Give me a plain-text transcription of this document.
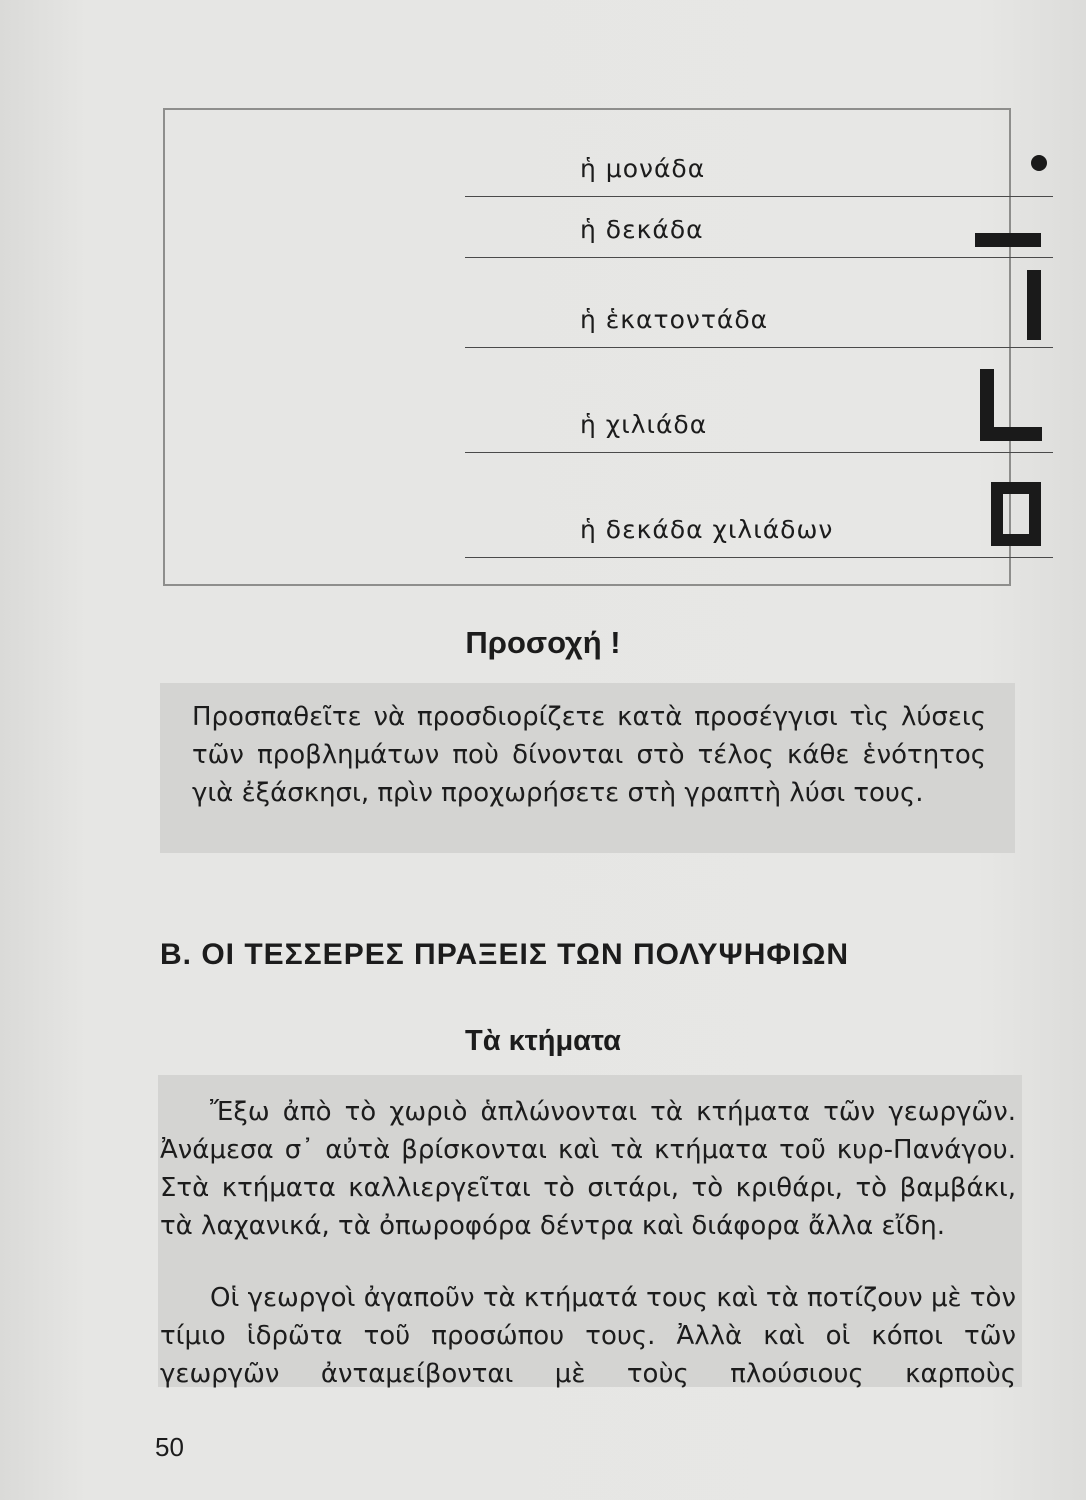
ἡ μονάδα
ἡ δεκάδα
ἡ ἑκατοντάδα
ἡ χιλιάδα
ἡ δεκάδα χιλιάδων
Προσοχή !
Προσπαθεῖτε νὰ προσδιορίζετε κατὰ προσέγγισι τὶς λύσεις τῶν προβλημάτων ποὺ δίνονται στὸ τέλος κάθε ἑνότητος γιὰ ἐξάσκησι, πρὶν προχωρήσετε στὴ γραπτὴ λύσι τους.
Β. ΟΙ ΤΕΣΣΕΡΕΣ ΠΡΑΞΕΙΣ ΤΩΝ ΠΟΛΥΨΗΦΙΩΝ
Τὰ κτήματα
Ἔξω ἀπὸ τὸ χωριὸ ἁπλώνονται τὰ κτήματα τῶν γεωργῶν. Ἀνάμεσα σ᾽ αὐτὰ βρίσκονται καὶ τὰ κτήματα τοῦ κυρ-Πανάγου. Στὰ κτήματα καλλιεργεῖται τὸ σιτάρι, τὸ κριθάρι, τὸ βαμβάκι, τὰ λαχανικά, τὰ ὀπωροφόρα δέντρα καὶ διάφορα ἄλλα εἴδη.
Οἱ γεωργοὶ ἀγαποῦν τὰ κτήματά τους καὶ τὰ ποτίζουν μὲ τὸν τίμιο ἱδρῶτα τοῦ προσώπου τους. Ἀλλὰ καὶ οἱ κόποι τῶν γεωργῶν ἀνταμείβονται μὲ τοὺς πλούσιους καρποὺς
50
